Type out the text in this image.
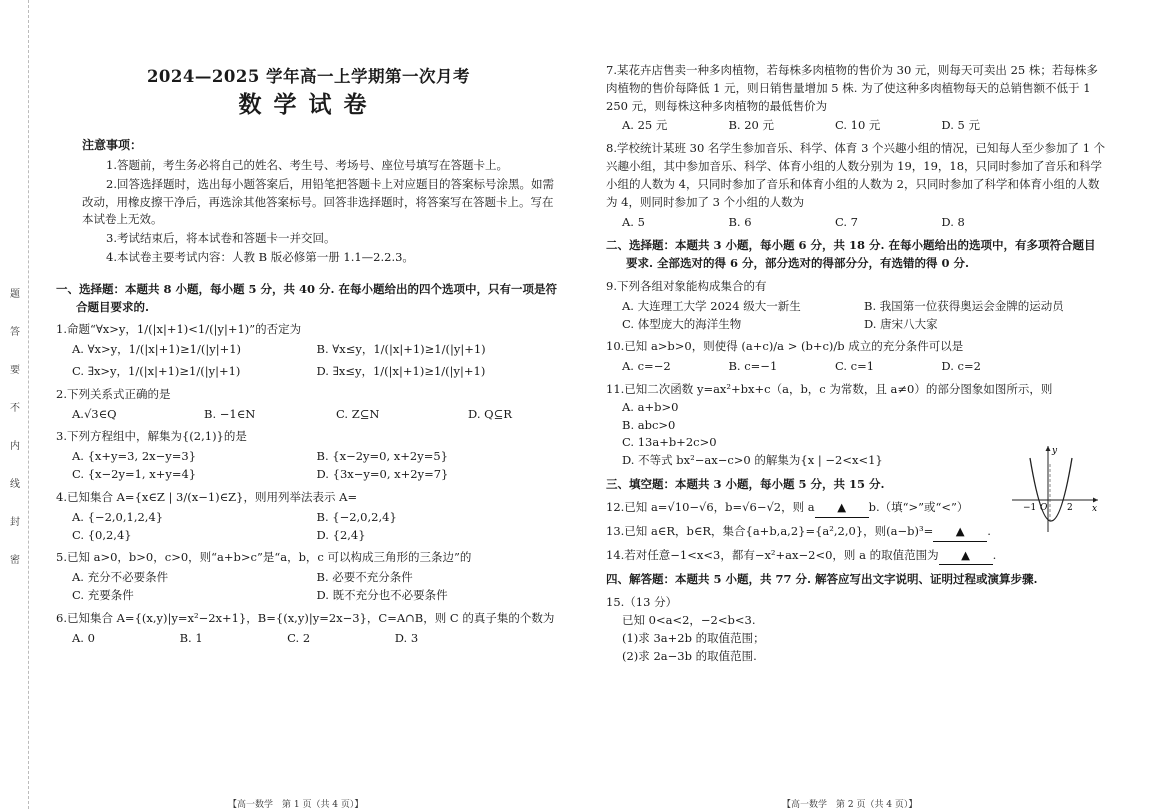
题
答
要
不
内
线
封
密
2024—2025 学年高一上学期第一次月考
数学试卷
注意事项：

1.答题前，考生务必将自己的姓名、考生号、考场号、座位号填写在答题卡上。

2.回答选择题时，选出每小题答案后，用铅笔把答题卡上对应题目的答案标号涂黑。如需改动，用橡皮擦干净后，再选涂其他答案标号。回答非选择题时，将答案写在答题卡上。写在本试卷上无效。

3.考试结束后，将本试卷和答题卡一并交回。

4.本试卷主要考试内容：人教 B 版必修第一册 1.1—2.2.3。

一、选择题：本题共 8 小题，每小题 5 分，共 40 分. 在每小题给出的四个选项中，只有一项是符合题目要求的.
1.命题“∀x>y，1/(|x|+1)<1/(|y|+1)”的否定为
A. ∀x>y，1/(|x|+1)≥1/(|y|+1)	B. ∀x≤y，1/(|x|+1)≥1/(|y|+1)
C. ∃x>y，1/(|x|+1)≥1/(|y|+1)	D. ∃x≤y，1/(|x|+1)≥1/(|y|+1)
2.下列关系式正确的是
A.√3∈Q	B. −1∈N	C. Z⊆N	D. Q⊆R
3.下列方程组中，解集为{(2,1)}的是
A. {x+y=3, 2x−y=3}	B. {x−2y=0, x+2y=5}
C. {x−2y=1, x+y=4}	D. {3x−y=0, x+2y=7}
4.已知集合 A={x∈Z | 3/(x−1)∈Z}，则用列举法表示 A=
A. {−2,0,1,2,4}	B. {−2,0,2,4}
C. {0,2,4}	D. {2,4}
5.已知 a>0，b>0，c>0，则“a+b>c”是“a，b，c 可以构成三角形的三条边”的
A. 充分不必要条件	B. 必要不充分条件
C. 充要条件	D. 既不充分也不必要条件
6.已知集合 A={(x,y)|y=x²−2x+1}，B={(x,y)|y=2x−3}，C=A∩B，则 C 的真子集的个数为
A. 0	B. 1	C. 2	D. 3
7.某花卉店售卖一种多肉植物，若每株多肉植物的售价为 30 元，则每天可卖出 25 株；若每株多肉植物的售价每降低 1 元，则日销售量增加 5 株. 为了使这种多肉植物每天的总销售额不低于 1 250 元，则每株这种多肉植物的最低售价为
A. 25 元	B. 20 元	C. 10 元	D. 5 元
8.学校统计某班 30 名学生参加音乐、科学、体育 3 个兴趣小组的情况，已知每人至少参加了 1 个兴趣小组，其中参加音乐、科学、体育小组的人数分别为 19，19，18，只同时参加了音乐和科学小组的人数为 4，只同时参加了音乐和体育小组的人数为 2，只同时参加了科学和体育小组的人数为 4，则同时参加了 3 个小组的人数为
A. 5	B. 6	C. 7	D. 8
二、选择题：本题共 3 小题，每小题 6 分，共 18 分. 在每小题给出的选项中，有多项符合题目要求. 全部选对的得 6 分，部分选对的得部分分，有选错的得 0 分.
9.下列各组对象能构成集合的有
A. 大连理工大学 2024 级大一新生	B. 我国第一位获得奥运会金牌的运动员
C. 体型庞大的海洋生物	D. 唐宋八大家
10.已知 a>b>0，则使得 (a+c)/a > (b+c)/b 成立的充分条件可以是
A. c=−2	B. c=−1	C. c=1	D. c=2
11.已知二次函数 y=ax²+bx+c（a，b，c 为常数，且 a≠0）的部分图象如图所示，则
A. a+b>0
B. abc>0
C. 13a+b+2c>0
D. 不等式 bx²−ax−c>0 的解集为{x | −2<x<1}
三、填空题：本题共 3 小题，每小题 5 分，共 15 分.
12.已知 a=√10−√6，b=√6−√2，则 a ▲ b.（填“>”或“<”）
13.已知 a∈R，b∈R，集合{a+b,a,2}={a²,2,0}，则(a−b)³= ▲ .
14.若对任意−1<x<3，都有−x²+ax−2<0，则 a 的取值范围为 ▲ .
四、解答题：本题共 5 小题，共 77 分. 解答应写出文字说明、证明过程或演算步骤.
15.（13 分）
已知 0<a<2，−2<b<3.
(1)求 3a+2b 的取值范围；
(2)求 2a−3b 的取值范围.
y
x
−1 O 2
【高一数学　第 1 页（共 4 页）】	【高一数学　第 2 页（共 4 页）】
